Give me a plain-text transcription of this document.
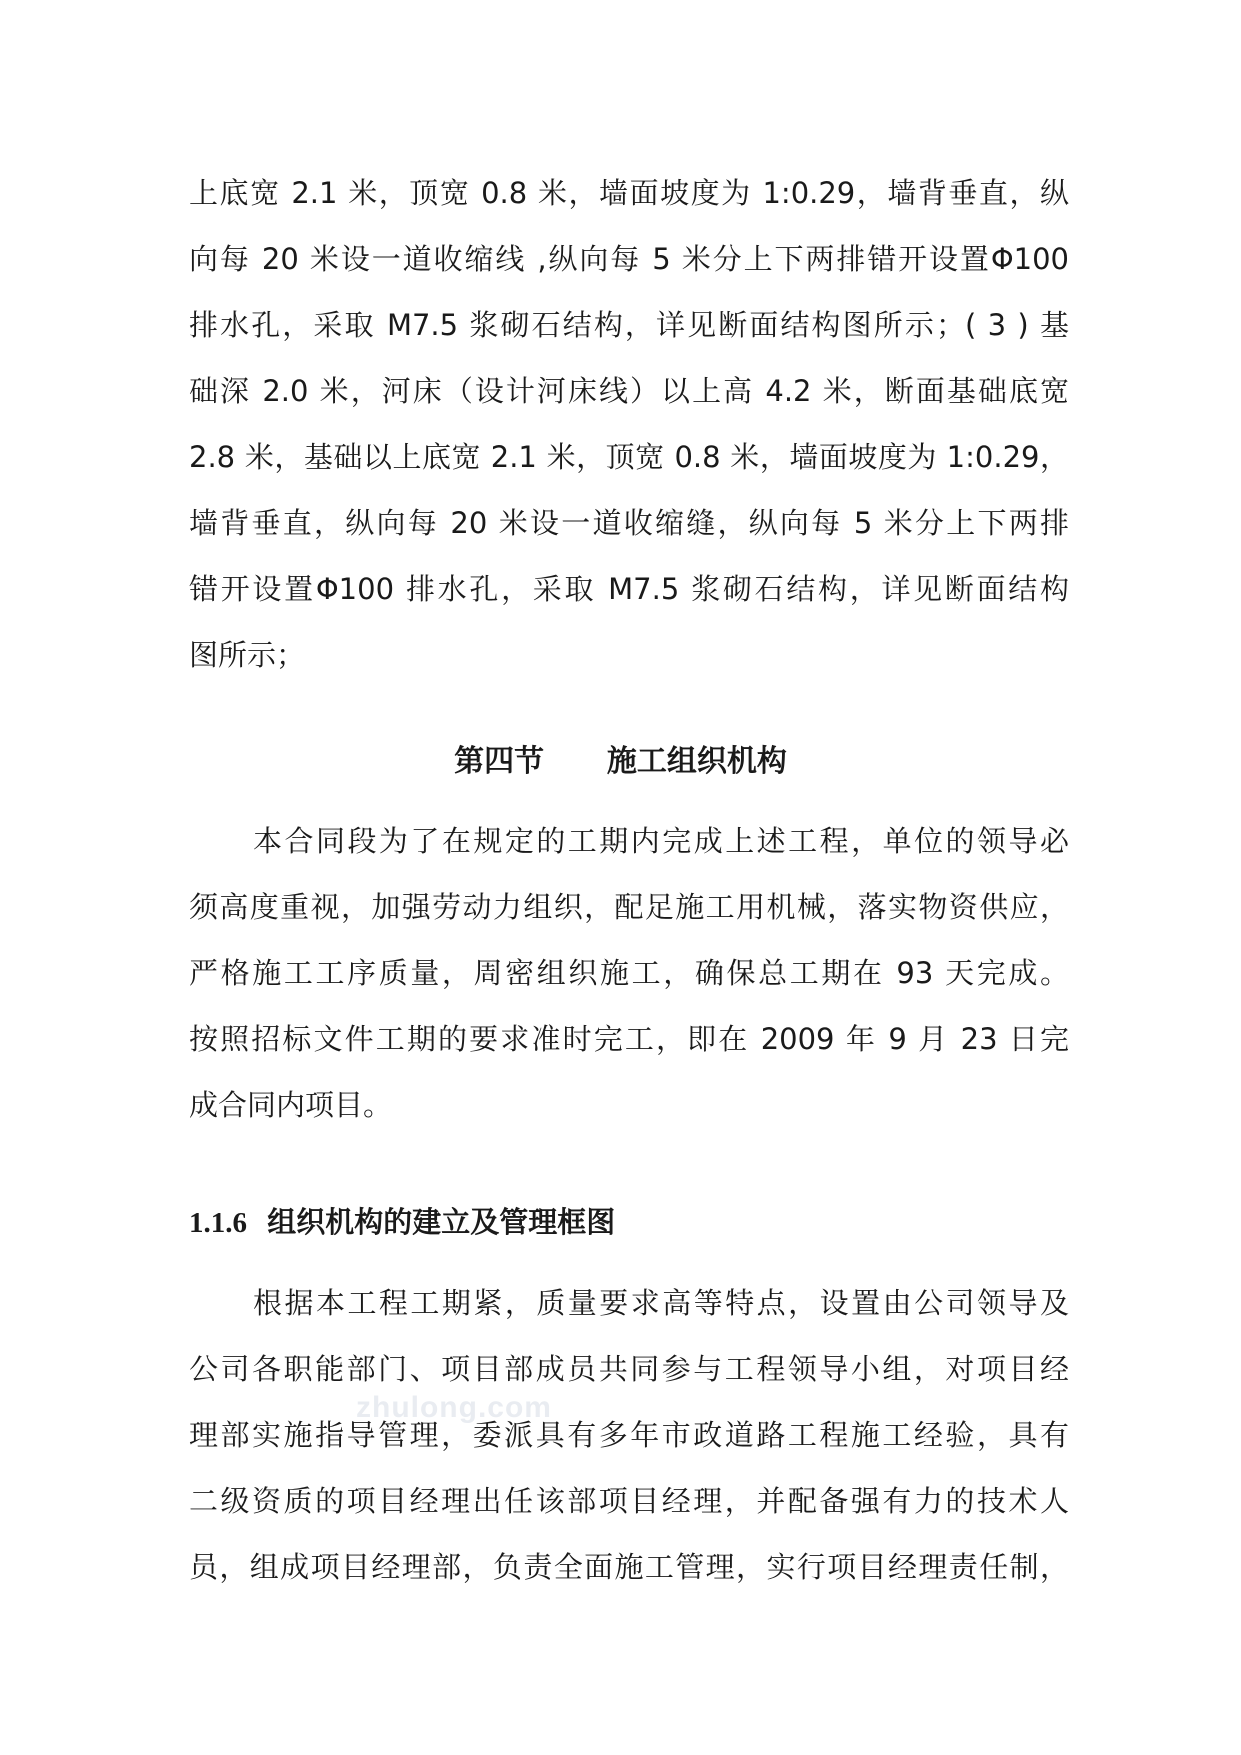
上底宽 2.1 米，顶宽 0.8 米，墙面坡度为 1:0.29，墙背垂直，纵
向每 20 米设一道收缩线 ,纵向每 5 米分上下两排错开设置Φ100
排水孔，采取 M7.5 浆砌石结构，详见断面结构图所示；( 3 ) 基
础深 2.0 米，河床（设计河床线）以上高 4.2 米，断面基础底宽
2.8 米，基础以上底宽 2.1 米，顶宽 0.8 米，墙面坡度为 1:0.29，
墙背垂直，纵向每 20 米设一道收缩缝，纵向每 5 米分上下两排
错开设置Φ100 排水孔，采取 M7.5 浆砌石结构，详见断面结构
图所示；
第四节      施工组织机构
本合同段为了在规定的工期内完成上述工程，单位的领导必
须高度重视，加强劳动力组织，配足施工用机械，落实物资供应，
严格施工工序质量，周密组织施工，确保总工期在 93 天完成。
按照招标文件工期的要求准时完工，即在 2009 年 9 月 23 日完
成合同内项目。
1.1.6 组织机构的建立及管理框图
根据本工程工期紧，质量要求高等特点，设置由公司领导及
公司各职能部门、项目部成员共同参与工程领导小组，对项目经
理部实施指导管理，委派具有多年市政道路工程施工经验，具有
二级资质的项目经理出任该部项目经理，并配备强有力的技术人
员，组成项目经理部，负责全面施工管理，实行项目经理责任制，
zhulong.com
